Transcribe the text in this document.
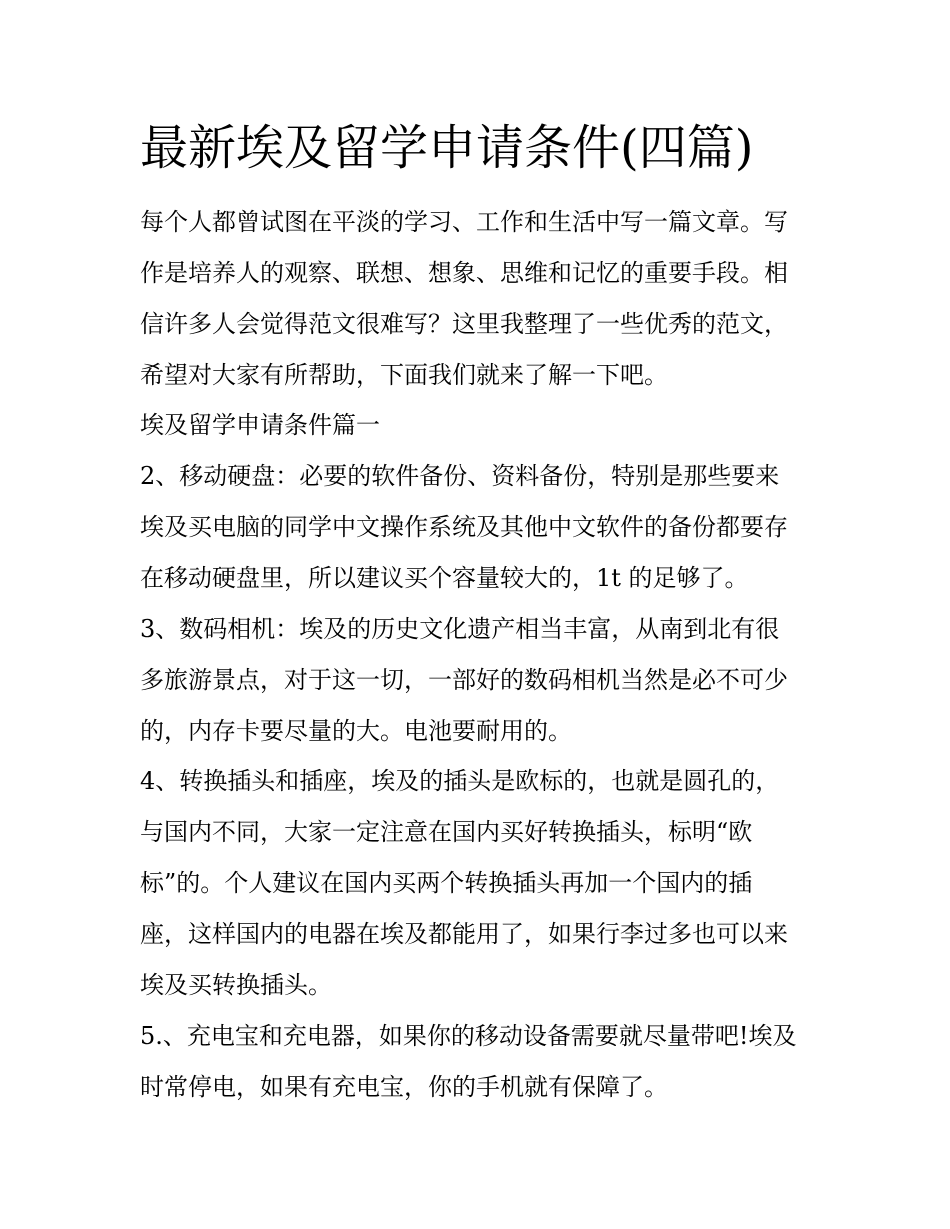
最新埃及留学申请条件(四篇)

每个人都曾试图在平淡的学习、工作和生活中写一篇文章。写

作是培养人的观察、联想、想象、思维和记忆的重要手段。相

信许多人会觉得范文很难写？这里我整理了一些优秀的范文，

希望对大家有所帮助，下面我们就来了解一下吧。

埃及留学申请条件篇一

2、移动硬盘：必要的软件备份、资料备份，特别是那些要来

埃及买电脑的同学中文操作系统及其他中文软件的备份都要存

在移动硬盘里，所以建议买个容量较大的，1t 的足够了。

3、数码相机：埃及的历史文化遗产相当丰富，从南到北有很

多旅游景点，对于这一切，一部好的数码相机当然是必不可少

的，内存卡要尽量的大。电池要耐用的。

4、转换插头和插座，埃及的插头是欧标的，也就是圆孔的，

与国内不同，大家一定注意在国内买好转换插头，标明“欧

标”的。个人建议在国内买两个转换插头再加一个国内的插

座，这样国内的电器在埃及都能用了，如果行李过多也可以来

埃及买转换插头。

5.、充电宝和充电器，如果你的移动设备需要就尽量带吧!埃及

时常停电，如果有充电宝，你的手机就有保障了。
